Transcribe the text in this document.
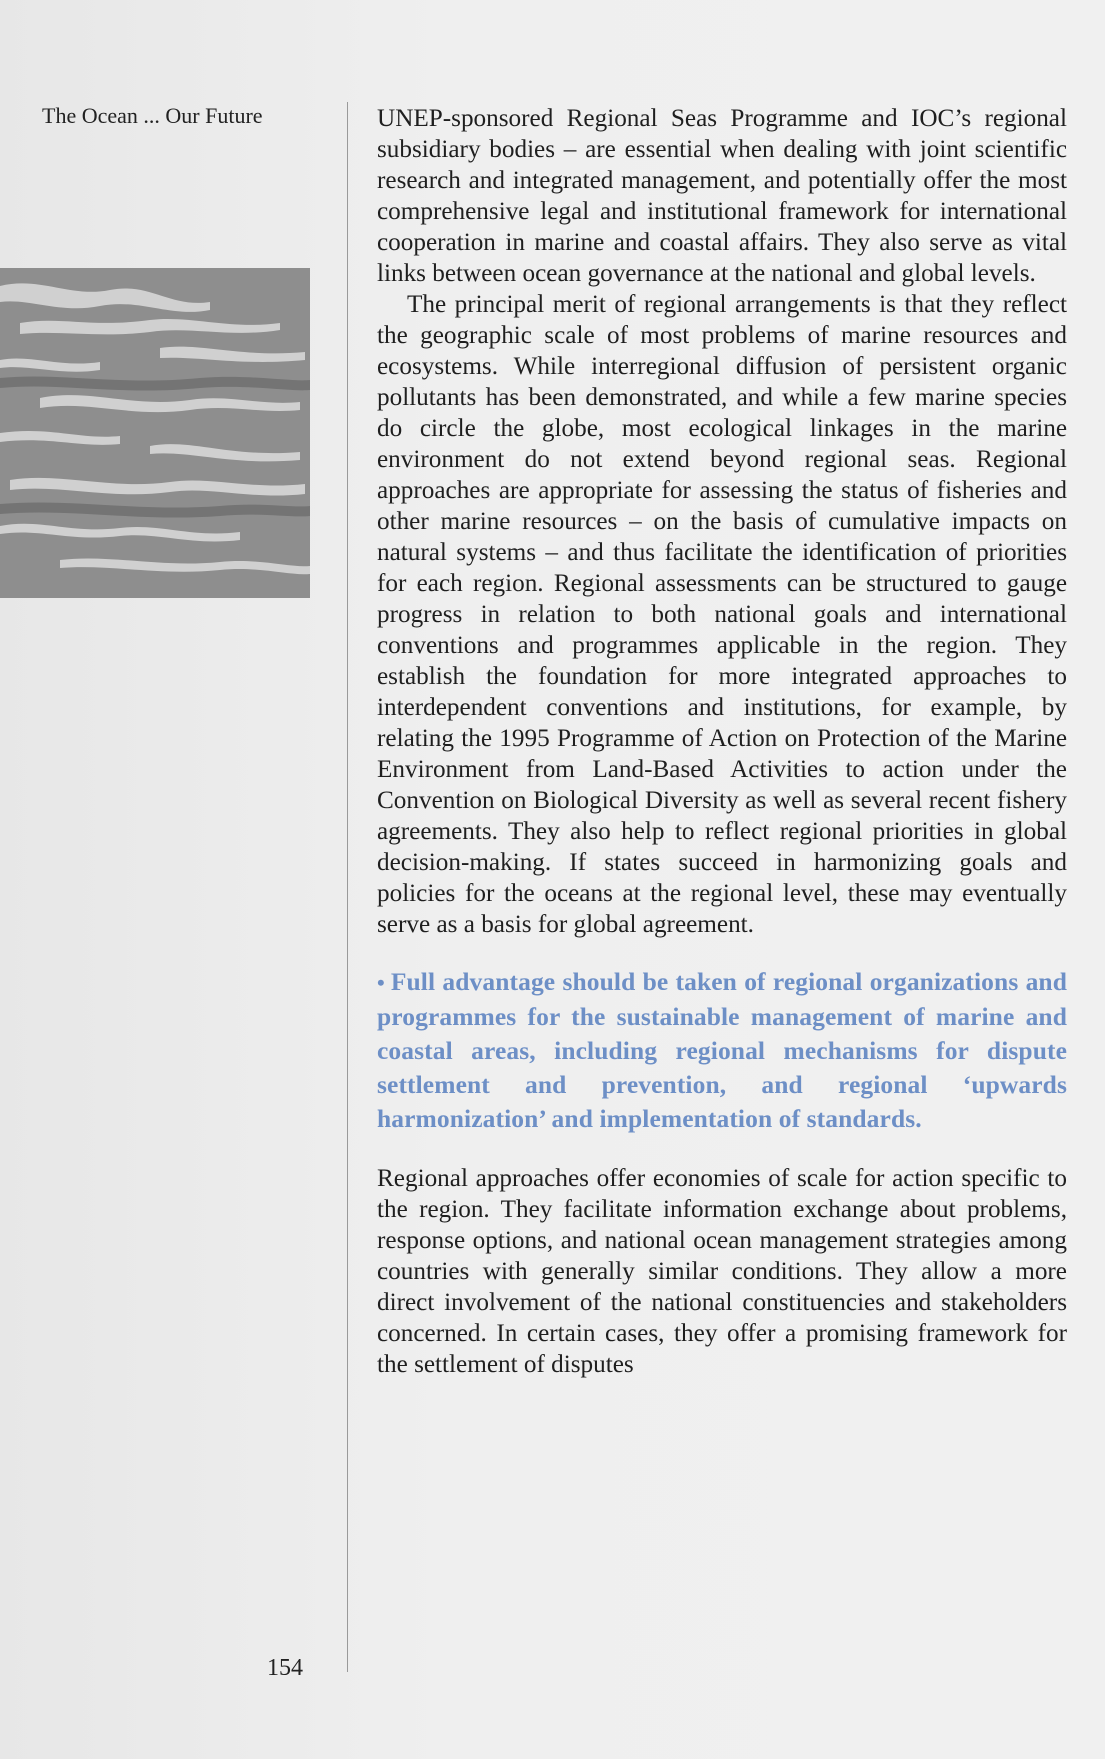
The Ocean ... Our Future	UNEP-sponsored Regional Seas Programme and IOC’s regional subsidiary bodies – are essential when dealing with joint scientific research and integrated management, and potentially offer the most comprehensive legal and institutional framework for international cooperation in marine and coastal affairs. They also serve as vital links between ocean governance at the national and global levels.

The principal merit of regional arrangements is that they reflect the geographic scale of most problems of marine resources and ecosystems. While interregional diffusion of persistent organic pollutants has been demonstrated, and while a few marine species do circle the globe, most ecological linkages in the marine environment do not extend beyond regional seas. Regional approaches are appropriate for assessing the status of fisheries and other marine resources – on the basis of cumulative impacts on natural systems – and thus facilitate the identification of priorities for each region. Regional assessments can be structured to gauge progress in relation to both national goals and international conventions and programmes applicable in the region. They establish the foundation for more integrated approaches to interdependent conventions and institutions, for example, by relating the 1995 Programme of Action on Protection of the Marine Environment from Land-Based Activities to action under the Convention on Biological Diversity as well as several recent fishery agreements. They also help to reflect regional priorities in global decision-making. If states succeed in harmonizing goals and policies for the oceans at the regional level, these may eventually serve as a basis for global agreement.

• Full advantage should be taken of regional organizations and programmes for the sustainable management of marine and coastal areas, including regional mechanisms for dispute settlement and prevention, and regional ‘upwards harmonization’ and implementation of standards.

Regional approaches offer economies of scale for action specific to the region. They facilitate information exchange about problems, response options, and national ocean management strategies among countries with generally similar conditions. They allow a more direct involvement of the national constituencies and stakeholders concerned. In certain cases, they offer a promising framework for the settlement of disputes

154
